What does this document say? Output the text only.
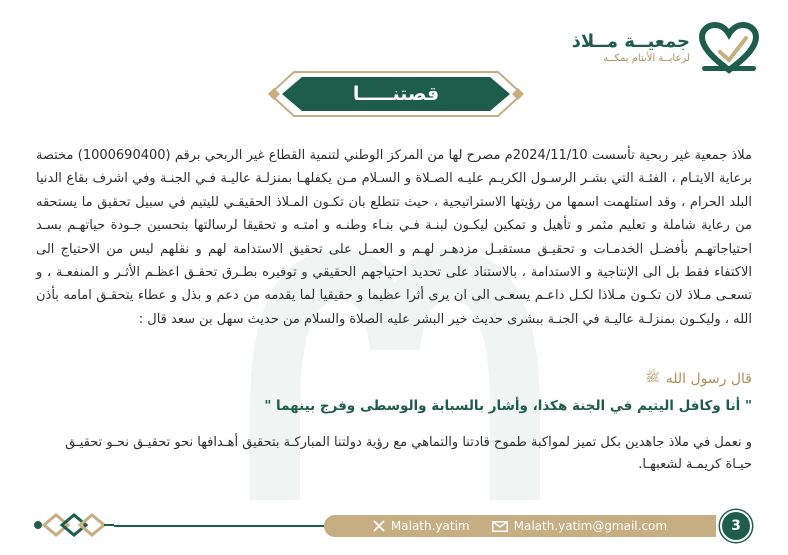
جمعيــة مــلاذ
لرعايــة الأيتام بمكــه
قصتنـــــا
ملاذ جمعية غير ربحية تأسست 2024/11/10م مصرح لها من المركز الوطني لتنمية القطاع غير الربحي برقم (1000690400) مختصة برعاية الايتـام ، الفئـة التي بشـر الرسـول الكريـم عليـه الصـلاة و السـلام مـن يكفلهـا بمنزلـة عاليـة فـي الجنـة وفي اشرف بقاع الدنيا البلد الحرام ، وقد استلهمت اسمها من رؤيتها الاستراتيجية ، حيث تتطلع بان تكـون المـلاذ الحقيقـي لليتيم في سبيل تحقيق ما يستحقه من رعاية شاملة و تعليم مثمر و تأهيل و تمكين ليكـون لبنـة فـي بنـاء وطنـه و امتـه و تحقيقا لرسالتها بتحسين جـودة حياتهـم بسـد احتياجاتهـم بأفضـل الخدمـات و تحقيـق مستقبـل مزدهـر لهـم و العمـل على تحقيق الاستدامة لهم و نقلهم ليس من الاحتياج الى الاكتفاء فقط بل الى الإنتاجية و الاستدامة ، بالاستناد على تحديد احتياجهم الحقيقي و توفيره بطـرق تحقـق اعظـم الأثـر و المنفعـة ، و تسعـى مـلاذ لان تكـون مـلاذا لكـل داعـم يسعـى الى ان يرى أثرا عظيما و حقيقيا لما يقدمه من دعم و بذل و عطاء يتحقـق امامه بأذن الله ، وليكـون بمنزلـة عاليـة في الجنـة ببشرى حديث خير البشر عليه الصلاة والسلام من حديث سهل بن سعد قال :
قال رسول الله
ﷺ
" أنا وكافل اليتيم في الجنة هكذا، وأشار بالسبابة والوسطى وفرج بينهما "
و نعمل في ملاذ جاهدين بكل تميز لمواكبة طموح قادتنا والتماهي مع رؤية دولتنا المباركـة بتحقيق أهـدافها نحو تحقيـق نحـو تحقيـق حيـاة كريمـة لشعبهـا.
Malath.yatim	Malath.yatim@gmail.com	3
